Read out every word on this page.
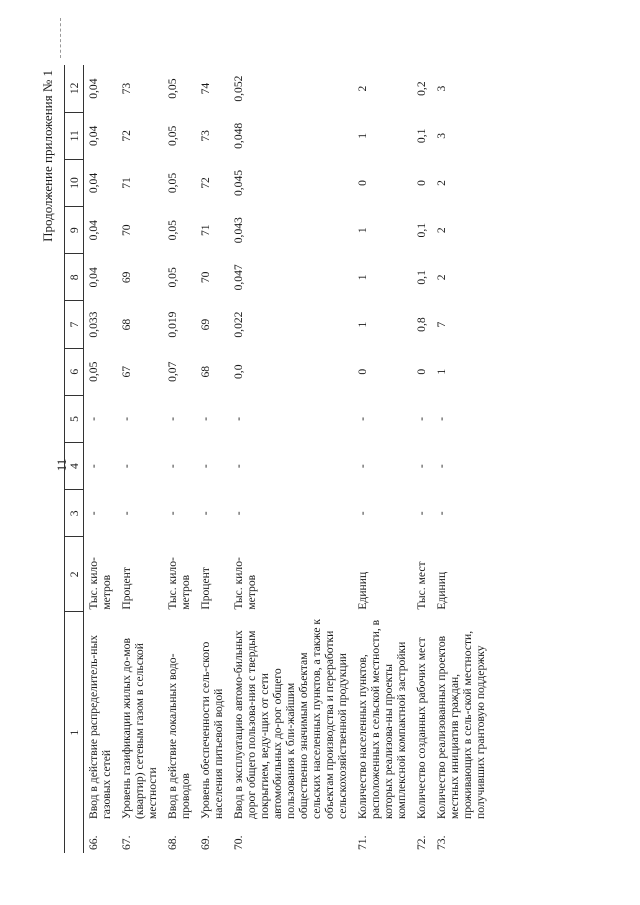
11
Продолжение приложения № 1
1		2	3	4	5	6	7	8	9	10	11	12
66.	Ввод в действие распределитель-ных газовых сетей	Тыс. кило-метров	-	-	-	0,05	0,033	0,04	0,04	0,04	0,04	0,04
67.	Уровень газификации жилых до-мов (квартир) сетевым газом в сельской местности	Процент	-	-	-	67	68	69	70	71	72	73
68.	Ввод в действие локальных водо-проводов	Тыс. кило-метров	-	-	-	0,07	0,019	0,05	0,05	0,05	0,05	0,05
69.	Уровень обеспеченности сель-ского населения питьевой водой	Процент	-	-	-	68	69	70	71	72	73	74
70.	Ввод в эксплуатацию автомо-бильных дорог общего пользова-ния с твердым покрытием, веду-щих от сети автомобильных до-рог общего пользования к бли-жайшим общественно значимым объектам сельских населенных пунктов, а также к объектам производства и переработки сельскохозяйственной продукции	Тыс. кило-метров	-	-	-	0,0	0,022	0,047	0,043	0,045	0,048	0,052
71.	Количество населенных пунктов, расположенных в сельской местности, в которых реализова-ны проекты комплексной компактной застройки	Единиц	-	-	-	0	1	1	1	0	1	2
72.	Количество созданных рабочих мест	Тыс. мест	-	-	-	0	0,8	0,1	0,1	0	0,1	0,2
73.	Количество реализованных проектов местных инициатив граждан, проживающих в сель-ской местности, получивших грантовую поддержку	Единиц	-	-	-	1	7	2	2	2	3	3
